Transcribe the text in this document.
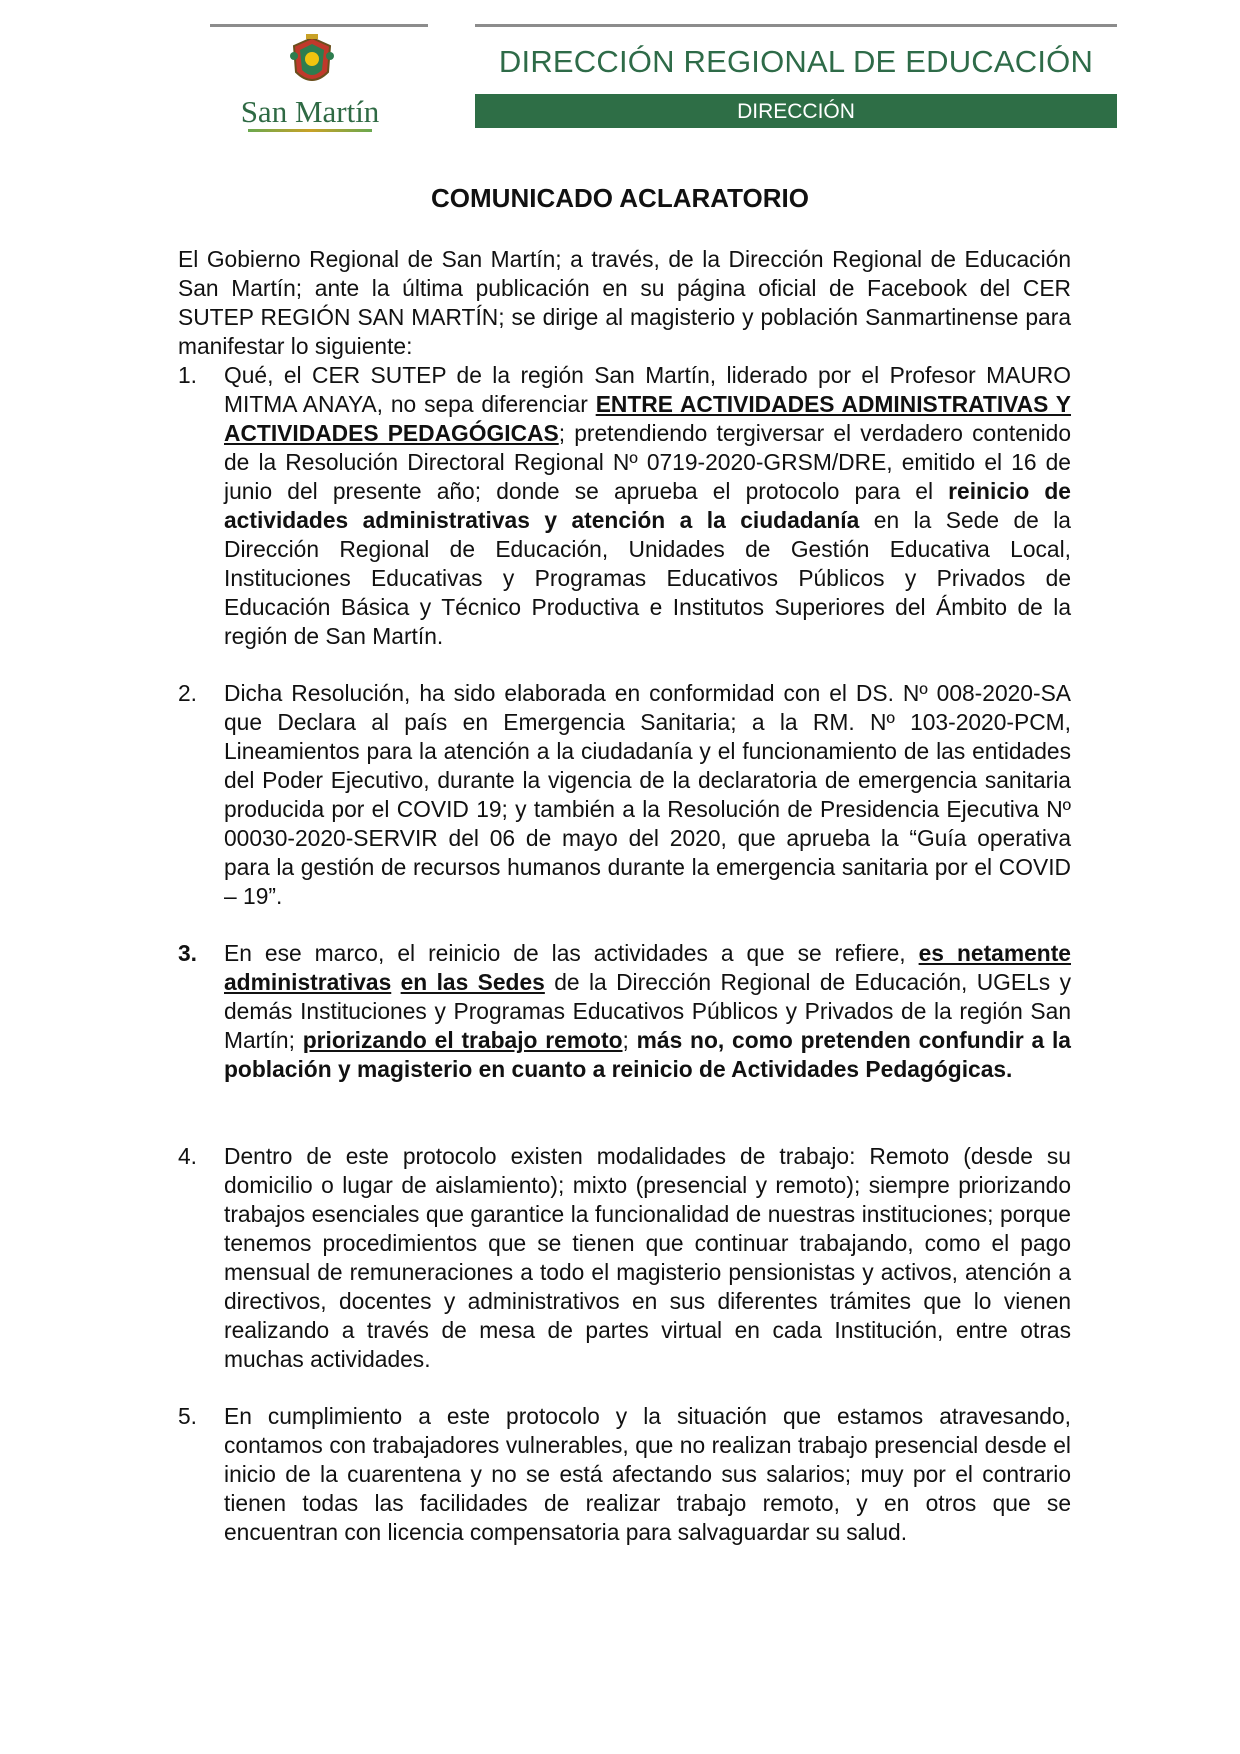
San Martín
DIRECCIÓN REGIONAL DE EDUCACIÓN
DIRECCIÓN
COMUNICADO ACLARATORIO
El Gobierno Regional de San Martín; a través, de la Dirección Regional de Educación San Martín; ante la última publicación en su página oficial de Facebook del CER SUTEP REGIÓN SAN MARTÍN; se dirige al magisterio y población Sanmartinense para manifestar lo siguiente:
1.	Qué, el CER SUTEP de la región San Martín, liderado por el Profesor MAURO MITMA ANAYA, no sepa diferenciar ENTRE ACTIVIDADES ADMINISTRATIVAS Y ACTIVIDADES PEDAGÓGICAS; pretendiendo tergiversar el verdadero contenido de la Resolución Directoral Regional Nº 0719-2020-GRSM/DRE, emitido el 16 de junio del presente año; donde se aprueba el protocolo para el reinicio de actividades administrativas y atención a la ciudadanía en la Sede de la Dirección Regional de Educación, Unidades de Gestión Educativa Local, Instituciones Educativas y Programas Educativos Públicos y Privados de Educación Básica y Técnico Productiva e Institutos Superiores del Ámbito de la región de San Martín.
2.	Dicha Resolución, ha sido elaborada en conformidad con el DS. Nº 008-2020-SA que Declara al país en Emergencia Sanitaria; a la RM. Nº 103-2020-PCM, Lineamientos para la atención a la ciudadanía y el funcionamiento de las entidades del Poder Ejecutivo, durante la vigencia de la declaratoria de emergencia sanitaria producida por el COVID 19; y también a la Resolución de Presidencia Ejecutiva Nº 00030-2020-SERVIR del 06 de mayo del 2020, que aprueba la “Guía operativa para la gestión de recursos humanos durante la emergencia sanitaria por el COVID – 19”.
3.	En ese marco, el reinicio de las actividades a que se refiere, es netamente administrativas en las Sedes de la Dirección Regional de Educación, UGELs y demás Instituciones y Programas Educativos Públicos y Privados de la región San Martín; priorizando el trabajo remoto; más no, como pretenden confundir a la población y magisterio en cuanto a reinicio de Actividades Pedagógicas.
4.	Dentro de este protocolo existen modalidades de trabajo: Remoto (desde su domicilio o lugar de aislamiento); mixto (presencial y remoto); siempre priorizando trabajos esenciales que garantice la funcionalidad de nuestras instituciones; porque tenemos procedimientos que se tienen que continuar trabajando, como el pago mensual de remuneraciones a todo el magisterio pensionistas y activos, atención a directivos, docentes y administrativos en sus diferentes trámites que lo vienen realizando a través de mesa de partes virtual en cada Institución, entre otras muchas actividades.
5.	En cumplimiento a este protocolo y la situación que estamos atravesando, contamos con trabajadores vulnerables, que no realizan trabajo presencial desde el inicio de la cuarentena y no se está afectando sus salarios; muy por el contrario tienen todas las facilidades de realizar trabajo remoto, y en otros que se encuentran con licencia compensatoria para salvaguardar su salud.
